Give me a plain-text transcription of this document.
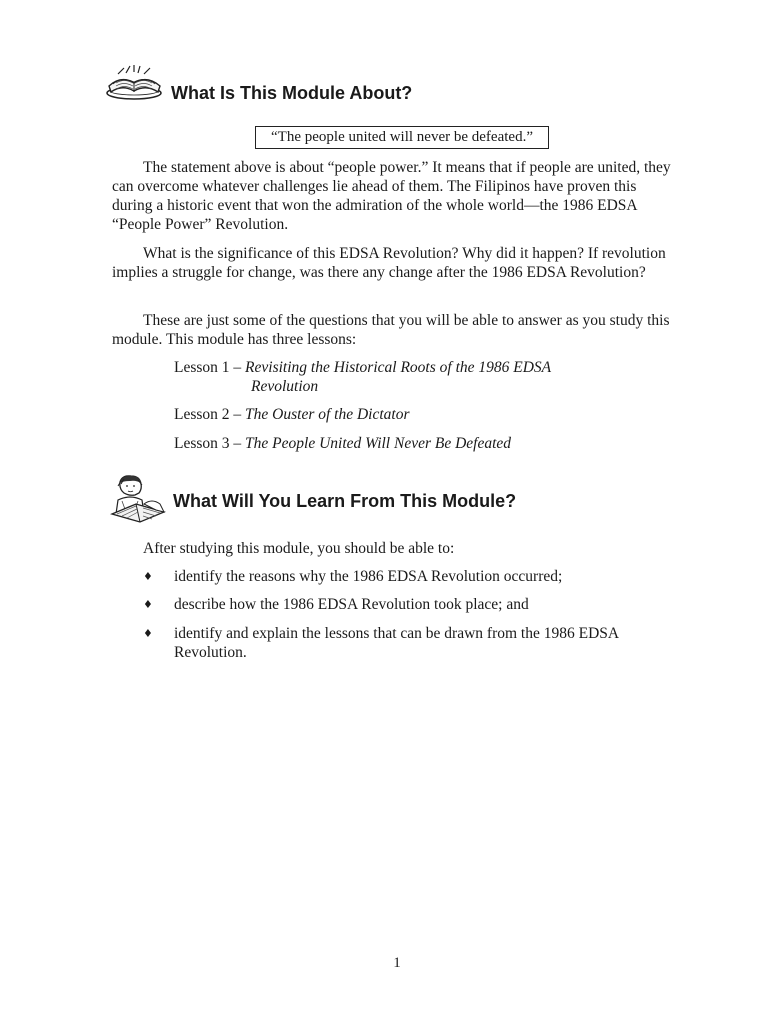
What Is This Module About?
“The people united will never be defeated.”

The statement above is about “people power.” It means that if people are united, they can overcome whatever challenges lie ahead of them. The Filipinos have proven this during a historic event that won the admiration of the whole world—the 1986 EDSA “People Power” Revolution.

What is the significance of this EDSA Revolution? Why did it happen? If revolution implies a struggle for change, was there any change after the 1986 EDSA Revolution?

These are just some of the questions that you will be able to answer as you study this module. This module has three lessons:

Lesson 1 – Revisiting the Historical Roots of the 1986 EDSA
Revolution
Lesson 2 – The Ouster of the Dictator
Lesson 3 – The People United Will Never Be Defeated
What Will You Learn From This Module?
After studying this module, you should be able to:
♦ identify the reasons why the 1986 EDSA Revolution occurred;
♦ describe how the 1986 EDSA Revolution took place; and
♦ identify and explain the lessons that can be drawn from the 1986 EDSA Revolution.
1
